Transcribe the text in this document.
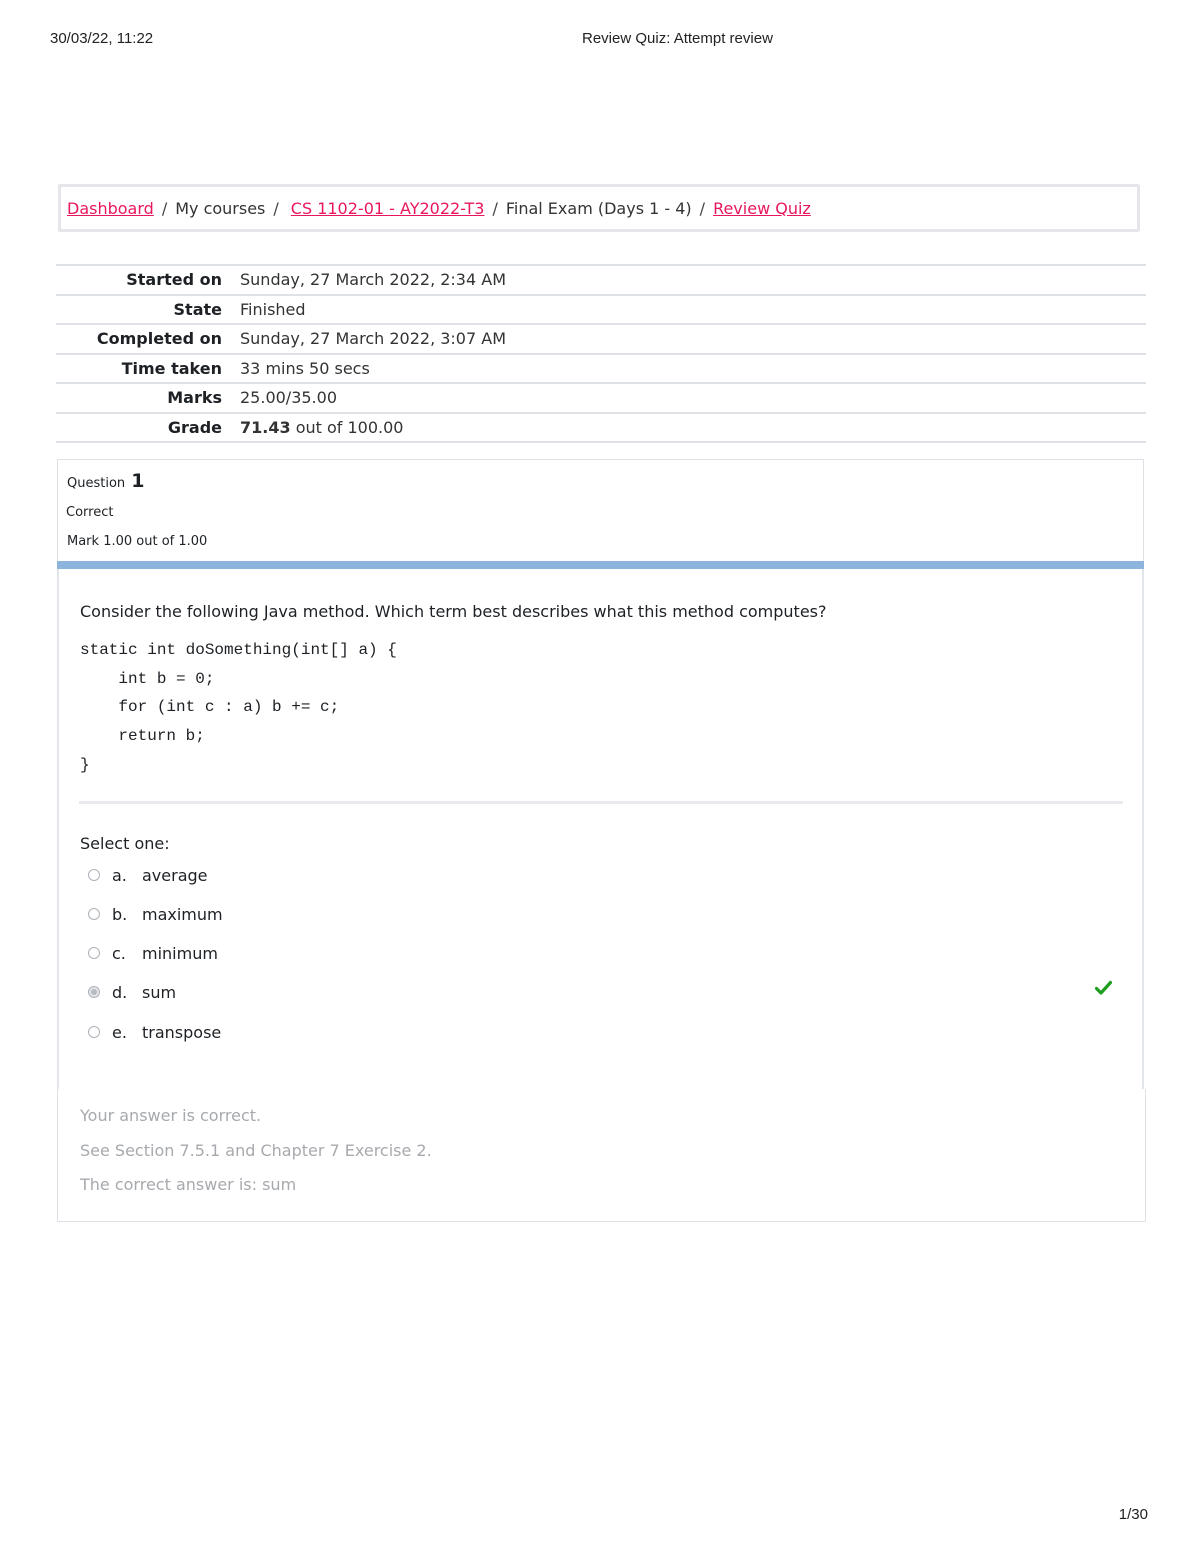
30/03/22, 11:22	Review Quiz: Attempt review
1/30
Dashboard / My courses / CS 1102-01 - AY2022-T3 / Final Exam (Days 1 - 4) / Review Quiz
Started on	Sunday, 27 March 2022, 2:34 AM
State	Finished
Completed on	Sunday, 27 March 2022, 3:07 AM
Time taken	33 mins 50 secs
Marks	25.00/35.00
Grade	71.43 out of 100.00
Question 1
Correct
Mark 1.00 out of 1.00
Consider the following Java method. Which term best describes what this method computes?
static int doSomething(int[] a) {
int b = 0;
for (int c : a) b += c;
return b;
}
Select one:
a. average
b. maximum
c.	minimum
d. sum
e. transpose
Your answer is correct.
See Section 7.5.1 and Chapter 7 Exercise 2.
The correct answer is: sum
